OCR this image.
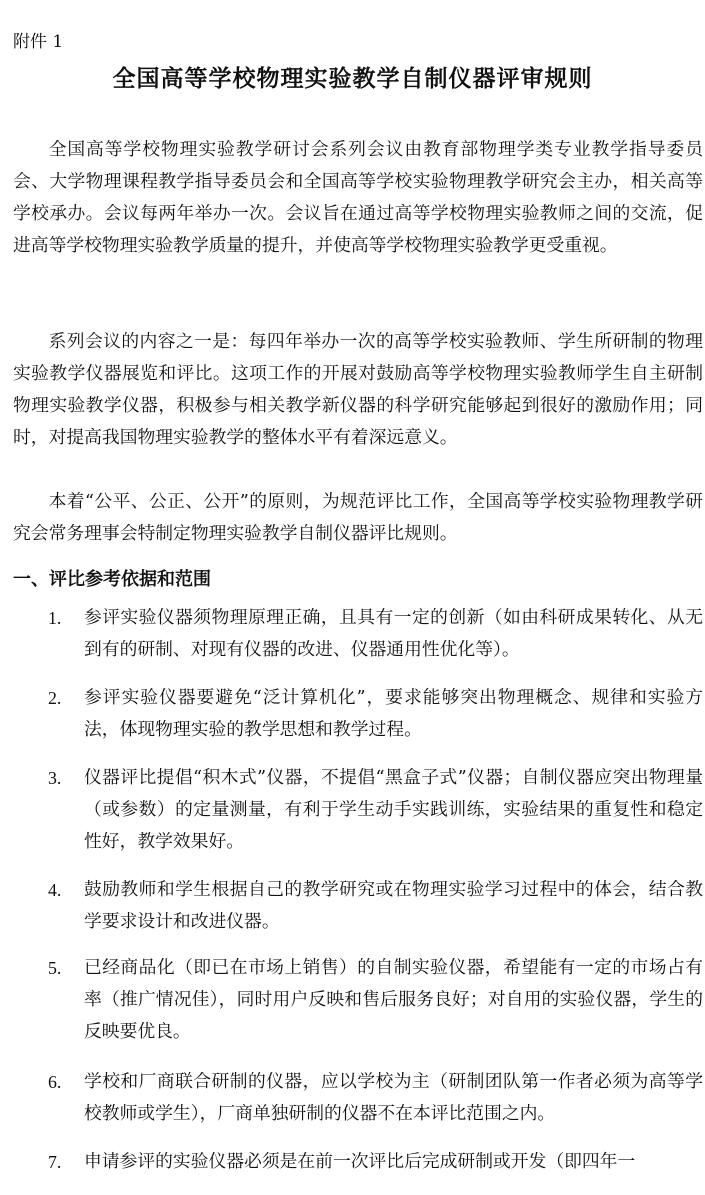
附件 1
全国高等学校物理实验教学自制仪器评审规则

全国高等学校物理实验教学研讨会系列会议由教育部物理学类专业教学指导委员会、大学物理课程教学指导委员会和全国高等学校实验物理教学研究会主办，相关高等学校承办。会议每两年举办一次。会议旨在通过高等学校物理实验教师之间的交流，促进高等学校物理实验教学质量的提升，并使高等学校物理实验教学更受重视。

系列会议的内容之一是：每四年举办一次的高等学校实验教师、学生所研制的物理实验教学仪器展览和评比。这项工作的开展对鼓励高等学校物理实验教师学生自主研制物理实验教学仪器，积极参与相关教学新仪器的科学研究能够起到很好的激励作用；同时，对提高我国物理实验教学的整体水平有着深远意义。

本着“公平、公正、公开”的原则，为规范评比工作，全国高等学校实验物理教学研究会常务理事会特制定物理实验教学自制仪器评比规则。

一、评比参考依据和范围
1.	参评实验仪器须物理原理正确，且具有一定的创新（如由科研成果转化、从无到有的研制、对现有仪器的改进、仪器通用性优化等）。
2.	参评实验仪器要避免“泛计算机化”，要求能够突出物理概念、规律和实验方法，体现物理实验的教学思想和教学过程。
3.	仪器评比提倡“积木式”仪器，不提倡“黑盒子式”仪器；自制仪器应突出物理量（或参数）的定量测量，有利于学生动手实践训练，实验结果的重复性和稳定性好，教学效果好。
4.	鼓励教师和学生根据自己的教学研究或在物理实验学习过程中的体会，结合教学要求设计和改进仪器。
5.	已经商品化（即已在市场上销售）的自制实验仪器，希望能有一定的市场占有率（推广情况佳），同时用户反映和售后服务良好；对自用的实验仪器，学生的反映要优良。
6.	学校和厂商联合研制的仪器，应以学校为主（研制团队第一作者必须为高等学校教师或学生），厂商单独研制的仪器不在本评比范围之内。
7.	申请参评的实验仪器必须是在前一次评比后完成研制或开发（即四年一
